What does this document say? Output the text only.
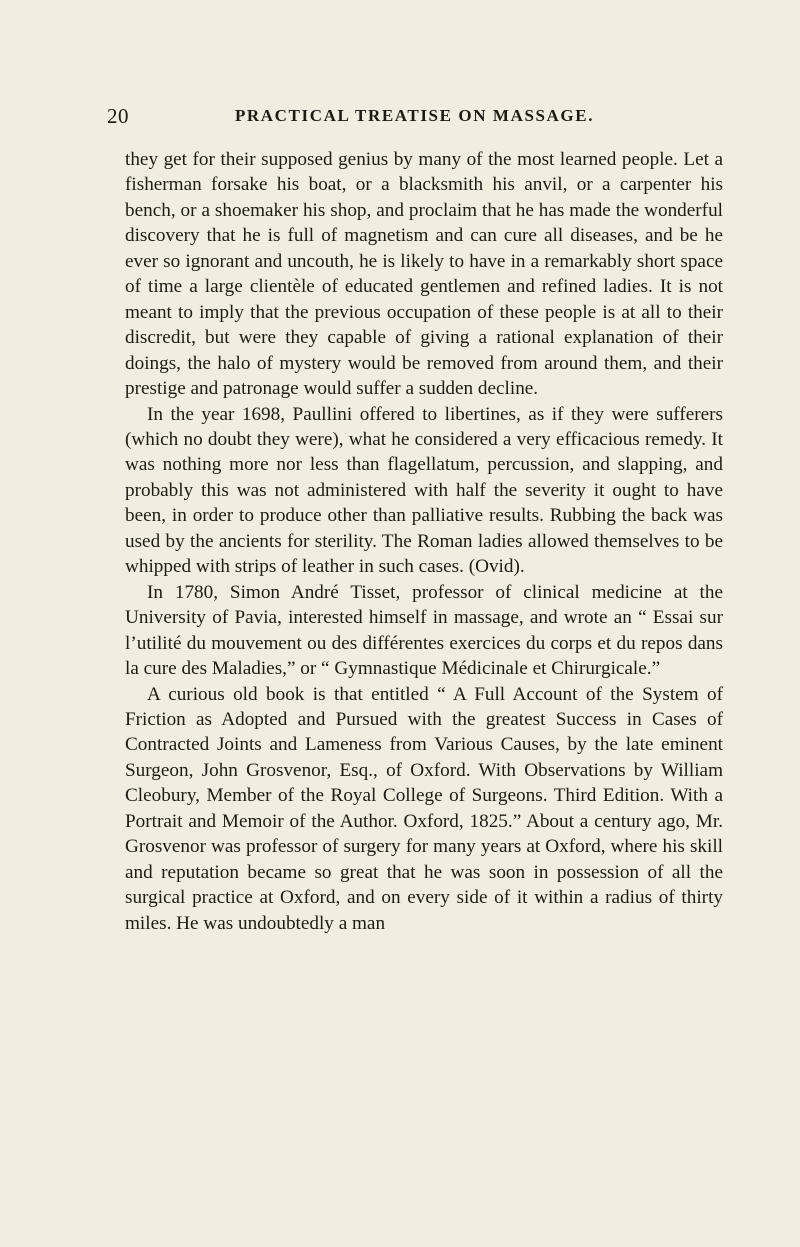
20	PRACTICAL TREATISE ON MASSAGE.

they get for their supposed genius by many of the most learned people. Let a fisherman forsake his boat, or a blacksmith his anvil, or a carpenter his bench, or a shoemaker his shop, and proclaim that he has made the wonderful discovery that he is full of magnetism and can cure all diseases, and be he ever so ignorant and uncouth, he is likely to have in a remarkably short space of time a large clientèle of educated gentlemen and refined ladies. It is not meant to imply that the previous occupation of these people is at all to their discredit, but were they capable of giving a rational explanation of their doings, the halo of mystery would be removed from around them, and their prestige and patronage would suffer a sudden decline.

In the year 1698, Paullini offered to libertines, as if they were sufferers (which no doubt they were), what he considered a very efficacious remedy. It was nothing more nor less than flagellatum, percussion, and slapping, and probably this was not administered with half the severity it ought to have been, in order to produce other than palliative results. Rubbing the back was used by the ancients for sterility. The Roman ladies allowed themselves to be whipped with strips of leather in such cases. (Ovid).

In 1780, Simon André Tisset, professor of clinical medicine at the University of Pavia, interested himself in massage, and wrote an “ Essai sur l’utilité du mouvement ou des différentes exercices du corps et du repos dans la cure des Maladies,” or “ Gymnastique Médicinale et Chirurgicale.”

A curious old book is that entitled “ A Full Account of the System of Friction as Adopted and Pursued with the greatest Success in Cases of Contracted Joints and Lameness from Various Causes, by the late eminent Surgeon, John Grosvenor, Esq., of Oxford. With Observations by William Cleobury, Member of the Royal College of Surgeons. Third Edition. With a Portrait and Memoir of the Author. Oxford, 1825.” About a century ago, Mr. Grosvenor was professor of surgery for many years at Oxford, where his skill and reputation became so great that he was soon in possession of all the surgical practice at Oxford, and on every side of it within a radius of thirty miles. He was undoubtedly a man
